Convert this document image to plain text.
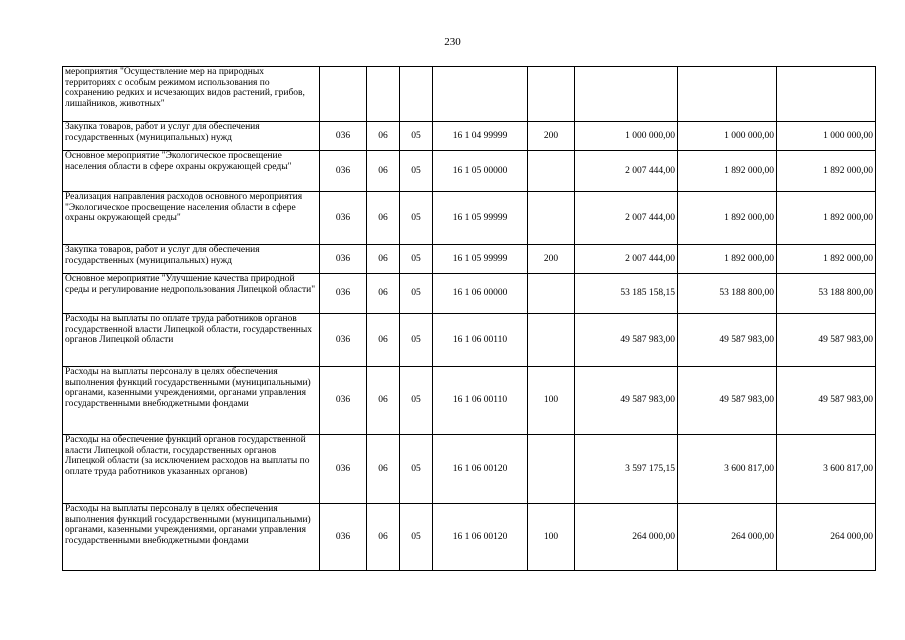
230
мероприятия "Осуществление мер на природных территориях с особым режимом использования по сохранению редких и исчезающих видов растений, грибов, лишайников, животных"								
Закупка товаров, работ и услуг для обеспечения государственных (муниципальных) нужд	036	06	05	16 1 04 99999	200	1 000 000,00	1 000 000,00	1 000 000,00
Основное мероприятие "Экологическое просвещение населения области в сфере охраны окружающей среды"	036	06	05	16 1 05 00000		2 007 444,00	1 892 000,00	1 892 000,00
Реализация направления расходов основного мероприятия "Экологическое просвещение населения области в сфере охраны окружающей среды"	036	06	05	16 1 05 99999		2 007 444,00	1 892 000,00	1 892 000,00
Закупка товаров, работ и услуг для обеспечения государственных (муниципальных) нужд	036	06	05	16 1 05 99999	200	2 007 444,00	1 892 000,00	1 892 000,00
Основное мероприятие "Улучшение качества природной среды и регулирование недропользования Липецкой области"	036	06	05	16 1 06 00000		53 185 158,15	53 188 800,00	53 188 800,00
Расходы на выплаты по оплате труда работников органов государственной власти Липецкой области, государственных органов Липецкой области	036	06	05	16 1 06 00110		49 587 983,00	49 587 983,00	49 587 983,00
Расходы на выплаты персоналу в целях обеспечения выполнения функций государственными (муниципальными) органами, казенными учреждениями, органами управления государственными внебюджетными фондами	036	06	05	16 1 06 00110	100	49 587 983,00	49 587 983,00	49 587 983,00
Расходы на обеспечение функций органов государственной власти Липецкой области, государственных органов Липецкой области (за исключением расходов на выплаты по оплате труда работников указанных органов)	036	06	05	16 1 06 00120		3 597 175,15	3 600 817,00	3 600 817,00
Расходы на выплаты персоналу в целях обеспечения выполнения функций государственными (муниципальными) органами, казенными учреждениями, органами управления государственными внебюджетными фондами	036	06	05	16 1 06 00120	100	264 000,00	264 000,00	264 000,00
